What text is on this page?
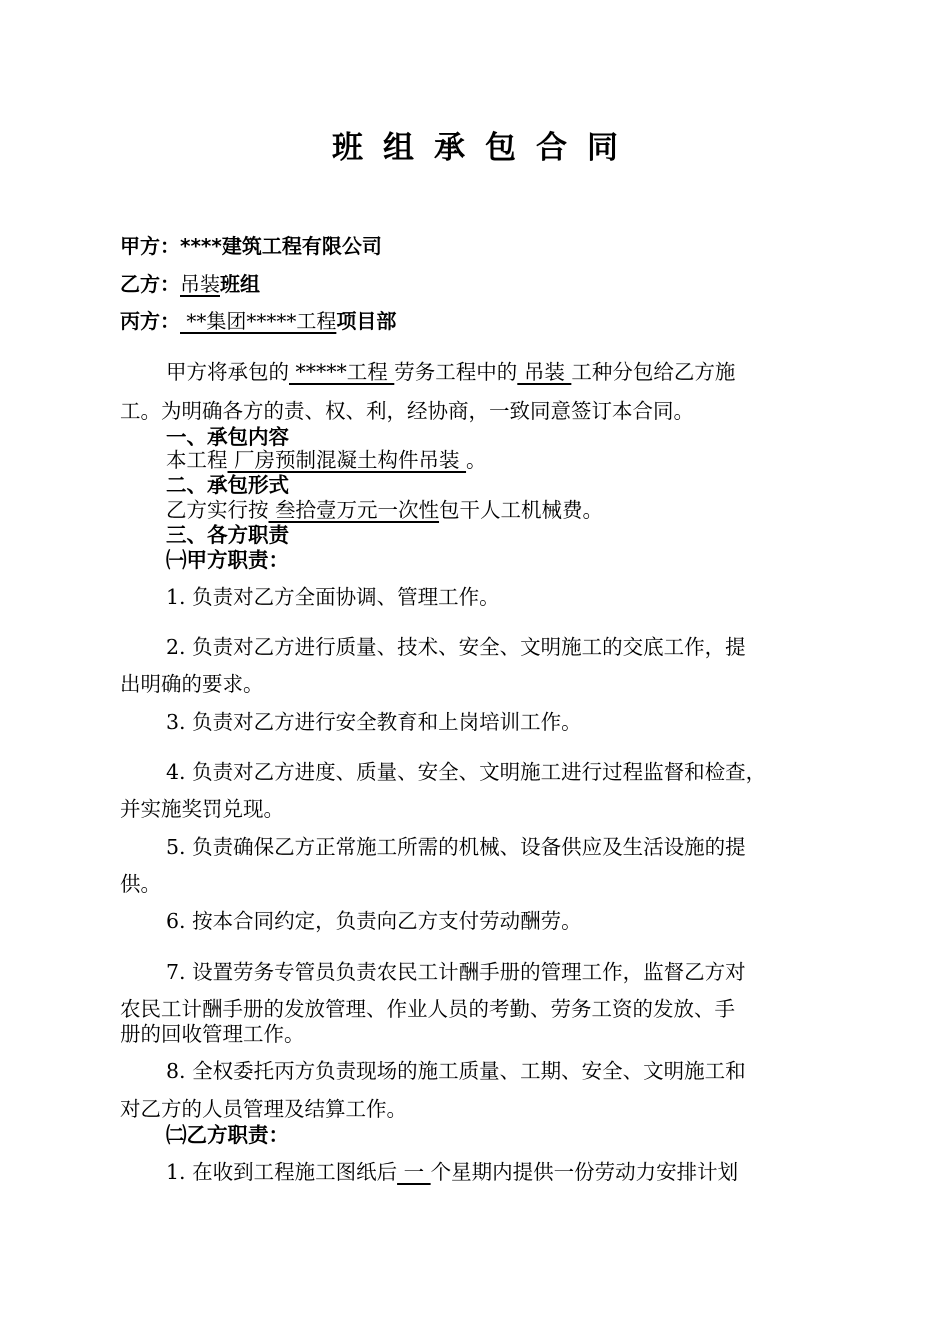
班组承包合同
甲方：****建筑工程有限公司
乙方：吊装班组
丙方： **集团*****工程项目部
甲方将承包的 *****工程 劳务工程中的 吊装 工种分包给乙方施
工。为明确各方的责、权、利，经协商，一致同意签订本合同。
一、承包内容
本工程 厂房预制混凝土构件吊装 。
二、承包形式
乙方实行按 叁拾壹万元一次性包干人工机械费。
三、各方职责
㈠甲方职责：
1. 负责对乙方全面协调、管理工作。
2. 负责对乙方进行质量、技术、安全、文明施工的交底工作，提
出明确的要求。
3. 负责对乙方进行安全教育和上岗培训工作。
4. 负责对乙方进度、质量、安全、文明施工进行过程监督和检查，
并实施奖罚兑现。
5. 负责确保乙方正常施工所需的机械、设备供应及生活设施的提
供。
6. 按本合同约定，负责向乙方支付劳动酬劳。
7. 设置劳务专管员负责农民工计酬手册的管理工作，监督乙方对
农民工计酬手册的发放管理、作业人员的考勤、劳务工资的发放、手
册的回收管理工作。
8. 全权委托丙方负责现场的施工质量、工期、安全、文明施工和
对乙方的人员管理及结算工作。
㈡乙方职责：
1. 在收到工程施工图纸后 一 个星期内提供一份劳动力安排计划
